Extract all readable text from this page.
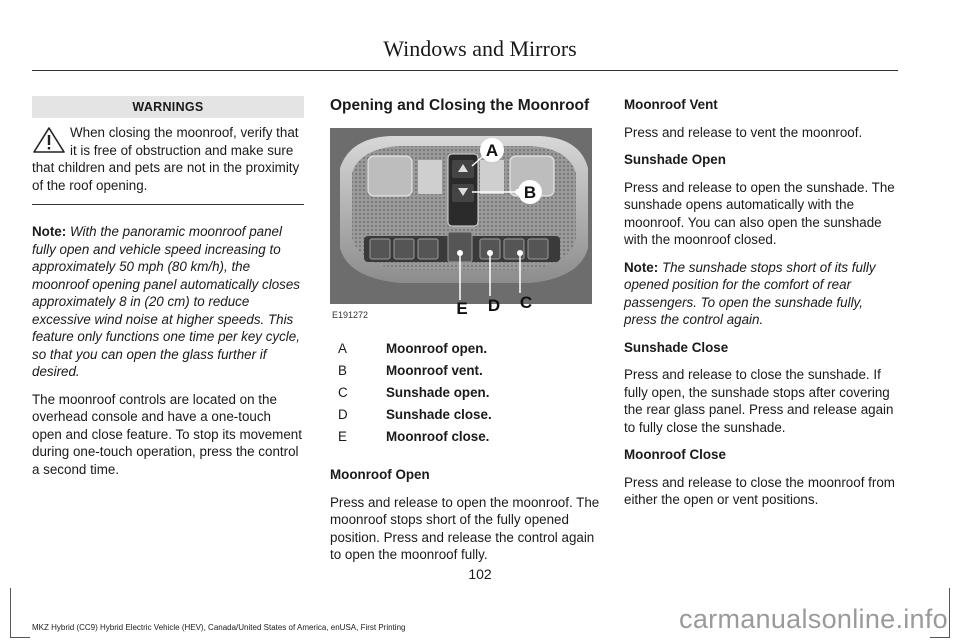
Windows and Mirrors
WARNINGS
When closing the moonroof, verify that it is free of obstruction and make sure that children and pets are not in the proximity of the roof opening.

Note: With the panoramic moonroof panel fully open and vehicle speed increasing to approximately 50 mph (80 km/h), the moonroof opening panel automatically closes approximately 8 in (20 cm) to reduce excessive wind noise at higher speeds. This feature only functions one time per key cycle, so that you can open the glass further if desired.

The moonroof controls are located on the overhead console and have a one-touch open and close feature. To stop its movement during one-touch operation, press the control a second time.

Opening and Closing the Moonroof
A
B
C
D
E
E191272
A	Moonroof open.
B	Moonroof vent.
C	Sunshade open.
D	Sunshade close.
E	Moonroof close.

Moonroof Open

Press and release to open the moonroof. The moonroof stops short of the fully opened position. Press and release the control again to open the moonroof fully.

Moonroof Vent

Press and release to vent the moonroof.

Sunshade Open

Press and release to open the sunshade. The sunshade opens automatically with the moonroof. You can also open the sunshade with the moonroof closed.

Note: The sunshade stops short of its fully opened position for the comfort of rear passengers. To open the sunshade fully, press the control again.

Sunshade Close

Press and release to close the sunshade. If fully open, the sunshade stops after covering the rear glass panel. Press and release again to fully close the sunshade.

Moonroof Close

Press and release to close the moonroof from either the open or vent positions.

102
MKZ Hybrid (CC9) Hybrid Electric Vehicle (HEV), Canada/United States of America, enUSA, First Printing	carmanualsonline.info
